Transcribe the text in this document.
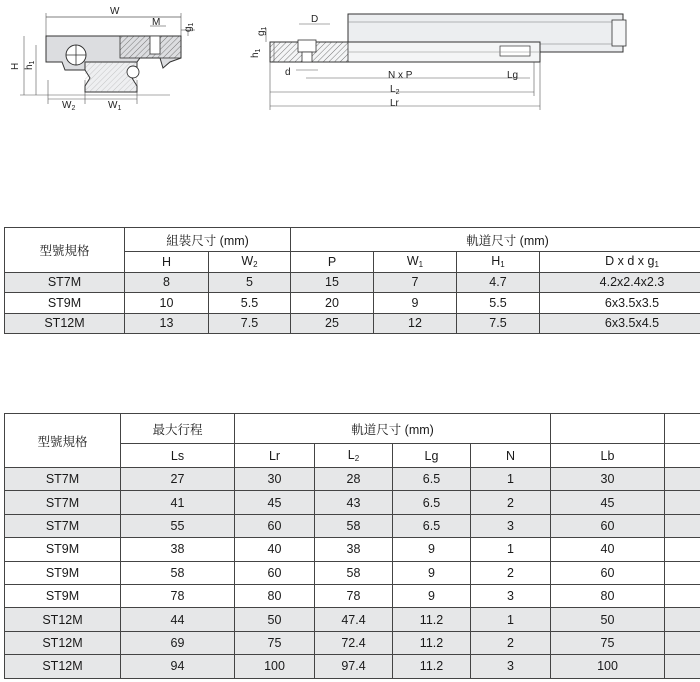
W
M
$g_1$
H $h_1$
$W_2$	$W_1$
D
$g_1$
$h_1$
d	N x P	Lg
$L_2$
Lr
型號規格	組裝尺寸 (mm)		軌道尺寸 (mm)			
	H	$W_2$	P	$W_1$	$H_1$	D x d x $g_1$
ST7M	8	5	15	7	4.7	4.2x2.4x2.3
ST9M	10	5.5	20	9	5.5	6x3.5x3.5
ST12M	13	7.5	25	12	7.5	6x3.5x4.5
型號規格	最大行程	軌道尺寸 (mm)					
	Ls	Lr	$L_2$	Lg	N	Lb	
ST7M	27	30	28	6.5	1	30	
ST7M	41	45	43	6.5	2	45	
ST7M	55	60	58	6.5	3	60	
ST9M	38	40	38	9	1	40	
ST9M	58	60	58	9	2	60	
ST9M	78	80	78	9	3	80	
ST12M	44	50	47.4	11.2	1	50	
ST12M	69	75	72.4	11.2	2	75	
ST12M	94	100	97.4	11.2	3	100	
